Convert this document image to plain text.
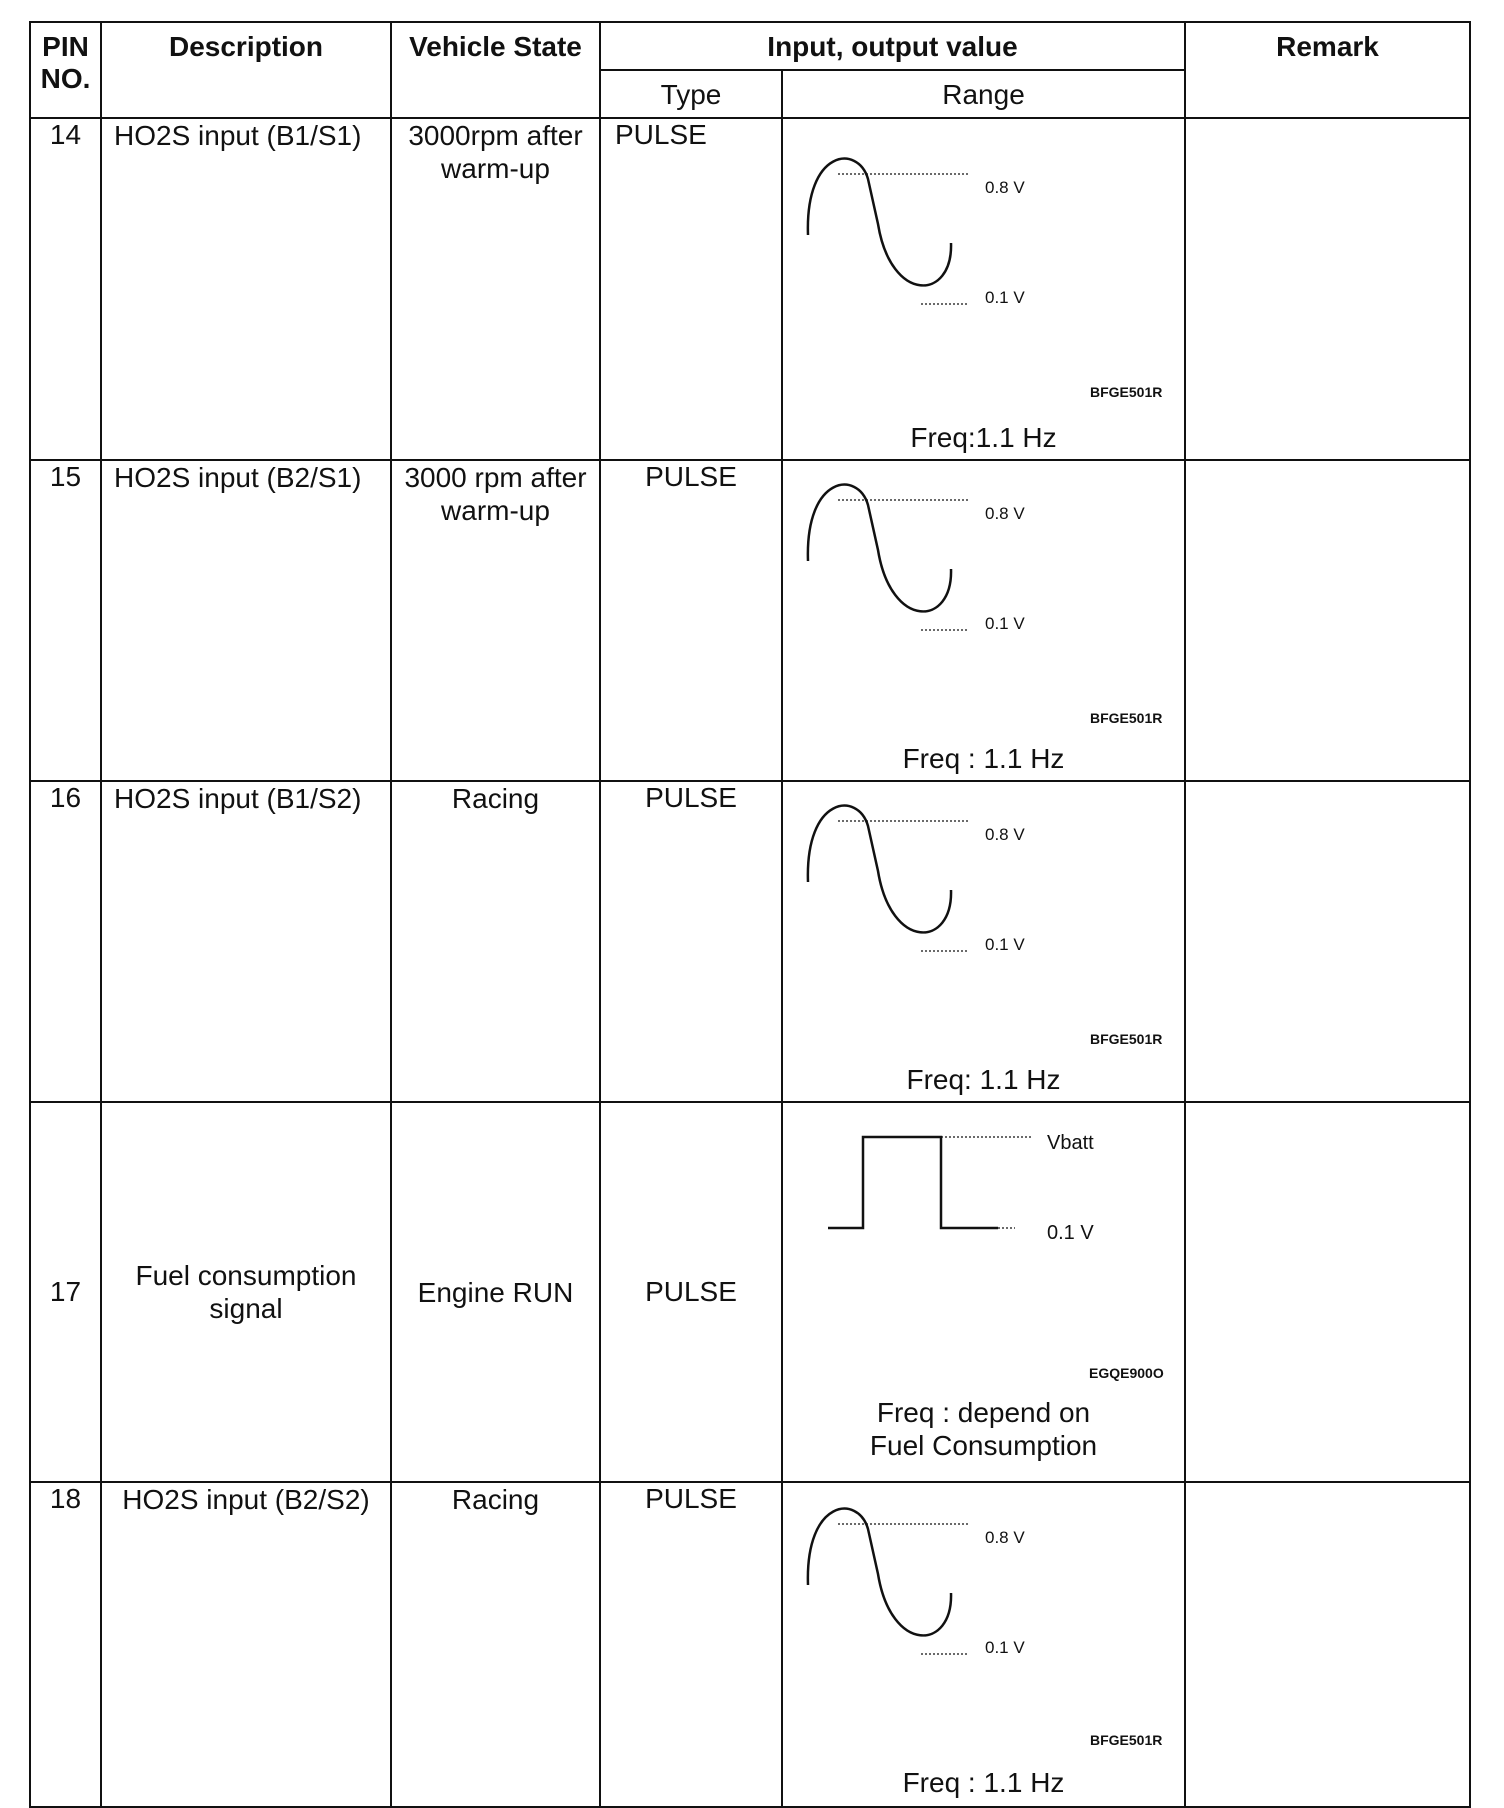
PIN NO.	Description	Vehicle State	Input, output value		Remark
			Type	Range	
14	HO2S input (B1/S1)	3000rpm after warm-up	PULSE	0.8 V
0.1 V
BFGE501R
Freq:1.1 Hz	

15	HO2S input (B2/S1)	3000 rpm after warm-up	PULSE	0.8 V
0.1 V
BFGE501R
Freq : 1.1 Hz	

16	HO2S input (B1/S2)	Racing	PULSE	0.8 V
0.1 V
BFGE501R
Freq: 1.1 Hz	

17	Fuel consumption signal	Engine RUN	PULSE	Vbatt
0.1 V
EGQE900O
Freq : depend on
Fuel Consumption	

18	HO2S input (B2/S2)	Racing	PULSE	0.8 V
0.1 V
BFGE501R
Freq : 1.1 Hz	
